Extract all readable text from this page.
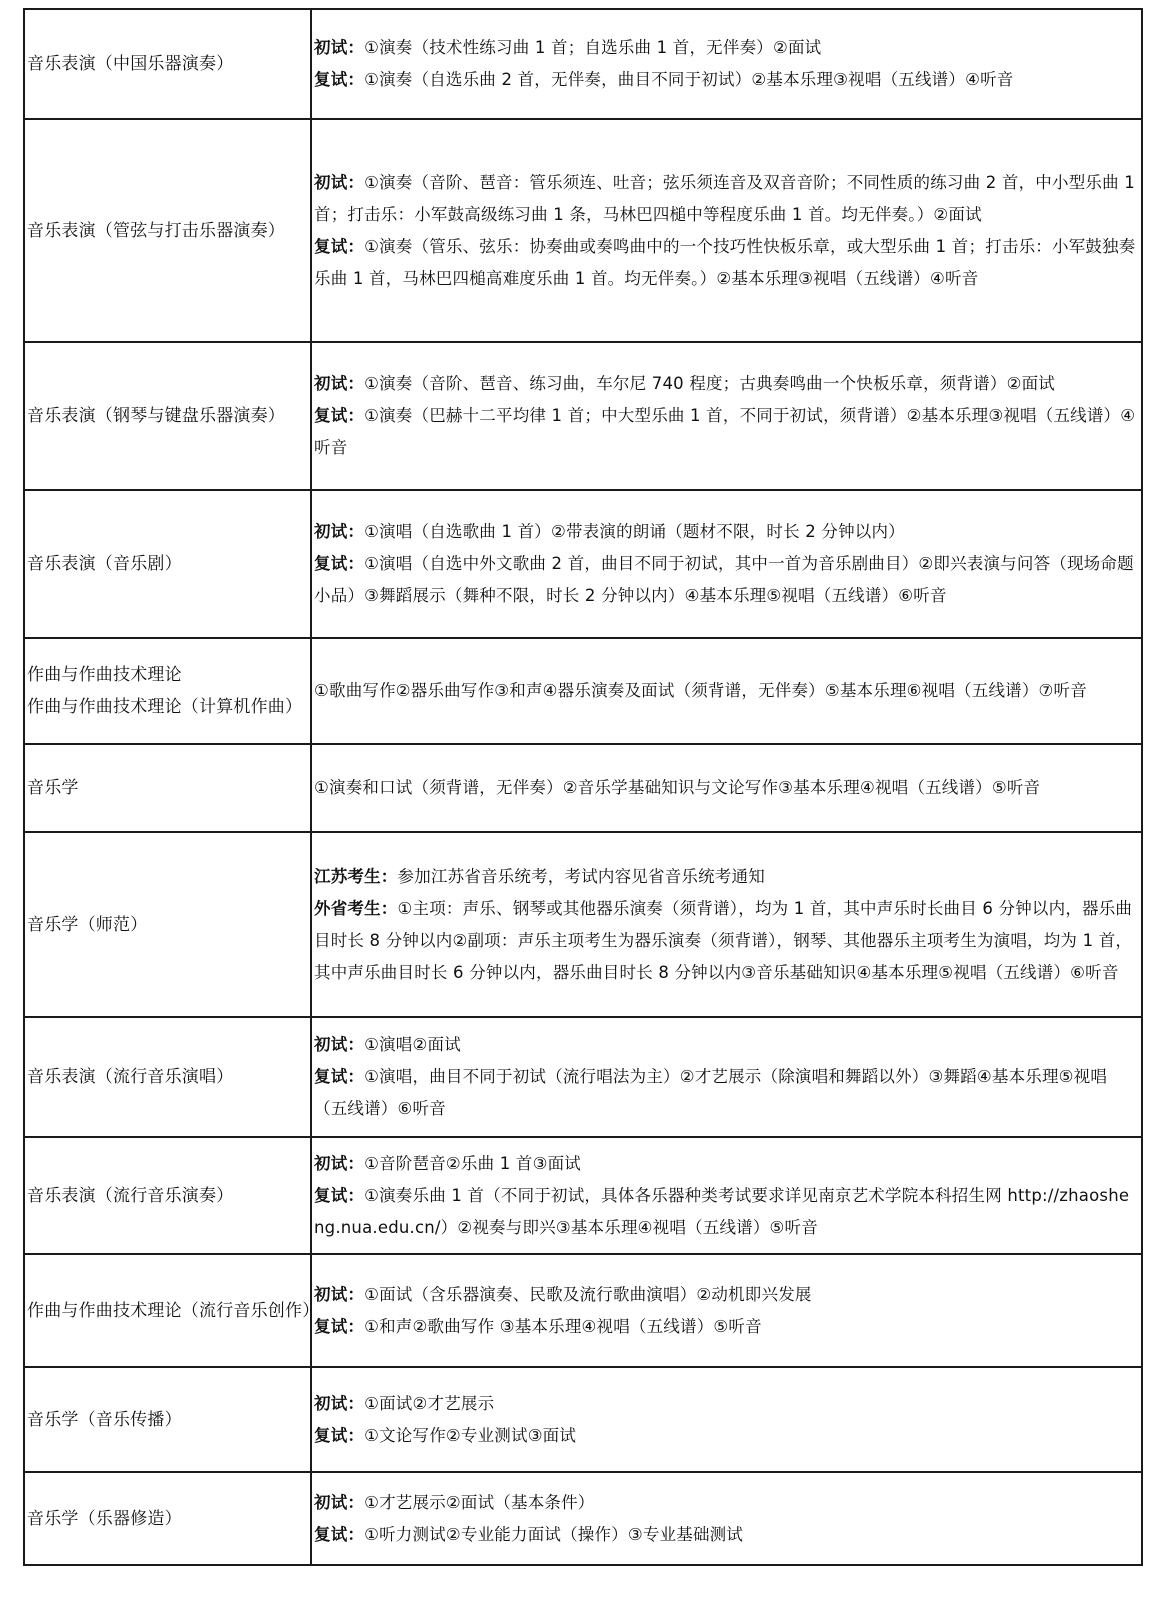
音乐表演（中国乐器演奏）	初试：①演奏（技术性练习曲 1 首；自选乐曲 1 首，无伴奏）②面试
复试：①演奏（自选乐曲 2 首，无伴奏，曲目不同于初试）②基本乐理③视唱（五线谱）④听音

音乐表演（管弦与打击乐器演奏）	初试：①演奏（音阶、琶音：管乐须连、吐音；弦乐须连音及双音音阶；不同性质的练习曲 2 首，中小型乐曲 1 首；打击乐：小军鼓高级练习曲 1 条，马林巴四槌中等程度乐曲 1 首。均无伴奏。）②面试
复试：①演奏（管乐、弦乐：协奏曲或奏鸣曲中的一个技巧性快板乐章，或大型乐曲 1 首；打击乐：小军鼓独奏乐曲 1 首，马林巴四槌高难度乐曲 1 首。均无伴奏。）②基本乐理③视唱（五线谱）④听音

音乐表演（钢琴与键盘乐器演奏）	初试：①演奏（音阶、琶音、练习曲，车尔尼 740 程度；古典奏鸣曲一个快板乐章，须背谱）②面试
复试：①演奏（巴赫十二平均律 1 首；中大型乐曲 1 首，不同于初试，须背谱）②基本乐理③视唱（五线谱）④听音

音乐表演（音乐剧）	初试：①演唱（自选歌曲 1 首）②带表演的朗诵（题材不限，时长 2 分钟以内）
复试：①演唱（自选中外文歌曲 2 首，曲目不同于初试，其中一首为音乐剧曲目）②即兴表演与问答（现场命题小品）③舞蹈展示（舞种不限，时长 2 分钟以内）④基本乐理⑤视唱（五线谱）⑥听音

作曲与作曲技术理论
作曲与作曲技术理论（计算机作曲）	①歌曲写作②器乐曲写作③和声④器乐演奏及面试（须背谱，无伴奏）⑤基本乐理⑥视唱（五线谱）⑦听音

音乐学	①演奏和口试（须背谱，无伴奏）②音乐学基础知识与文论写作③基本乐理④视唱（五线谱）⑤听音

音乐学（师范）	江苏考生：参加江苏省音乐统考，考试内容见省音乐统考通知
外省考生：①主项：声乐、钢琴或其他器乐演奏（须背谱），均为 1 首，其中声乐时长曲目 6 分钟以内，器乐曲目时长 8 分钟以内②副项：声乐主项考生为器乐演奏（须背谱），钢琴、其他器乐主项考生为演唱，均为 1 首，其中声乐曲目时长 6 分钟以内，器乐曲目时长 8 分钟以内③音乐基础知识④基本乐理⑤视唱（五线谱）⑥听音

音乐表演（流行音乐演唱）	初试：①演唱②面试
复试：①演唱，曲目不同于初试（流行唱法为主）②才艺展示（除演唱和舞蹈以外）③舞蹈④基本乐理⑤视唱（五线谱）⑥听音

音乐表演（流行音乐演奏）	初试：①音阶琶音②乐曲 1 首③面试
复试：①演奏乐曲 1 首（不同于初试，具体各乐器种类考试要求详见南京艺术学院本科招生网 http://zhaosheng.nua.edu.cn/）②视奏与即兴③基本乐理④视唱（五线谱）⑤听音

作曲与作曲技术理论（流行音乐创作）	初试：①面试（含乐器演奏、民歌及流行歌曲演唱）②动机即兴发展
复试：①和声②歌曲写作 ③基本乐理④视唱（五线谱）⑤听音

音乐学（音乐传播）	初试：①面试②才艺展示
复试：①文论写作②专业测试③面试

音乐学（乐器修造）	初试：①才艺展示②面试（基本条件）
复试：①听力测试②专业能力面试（操作）③专业基础测试
